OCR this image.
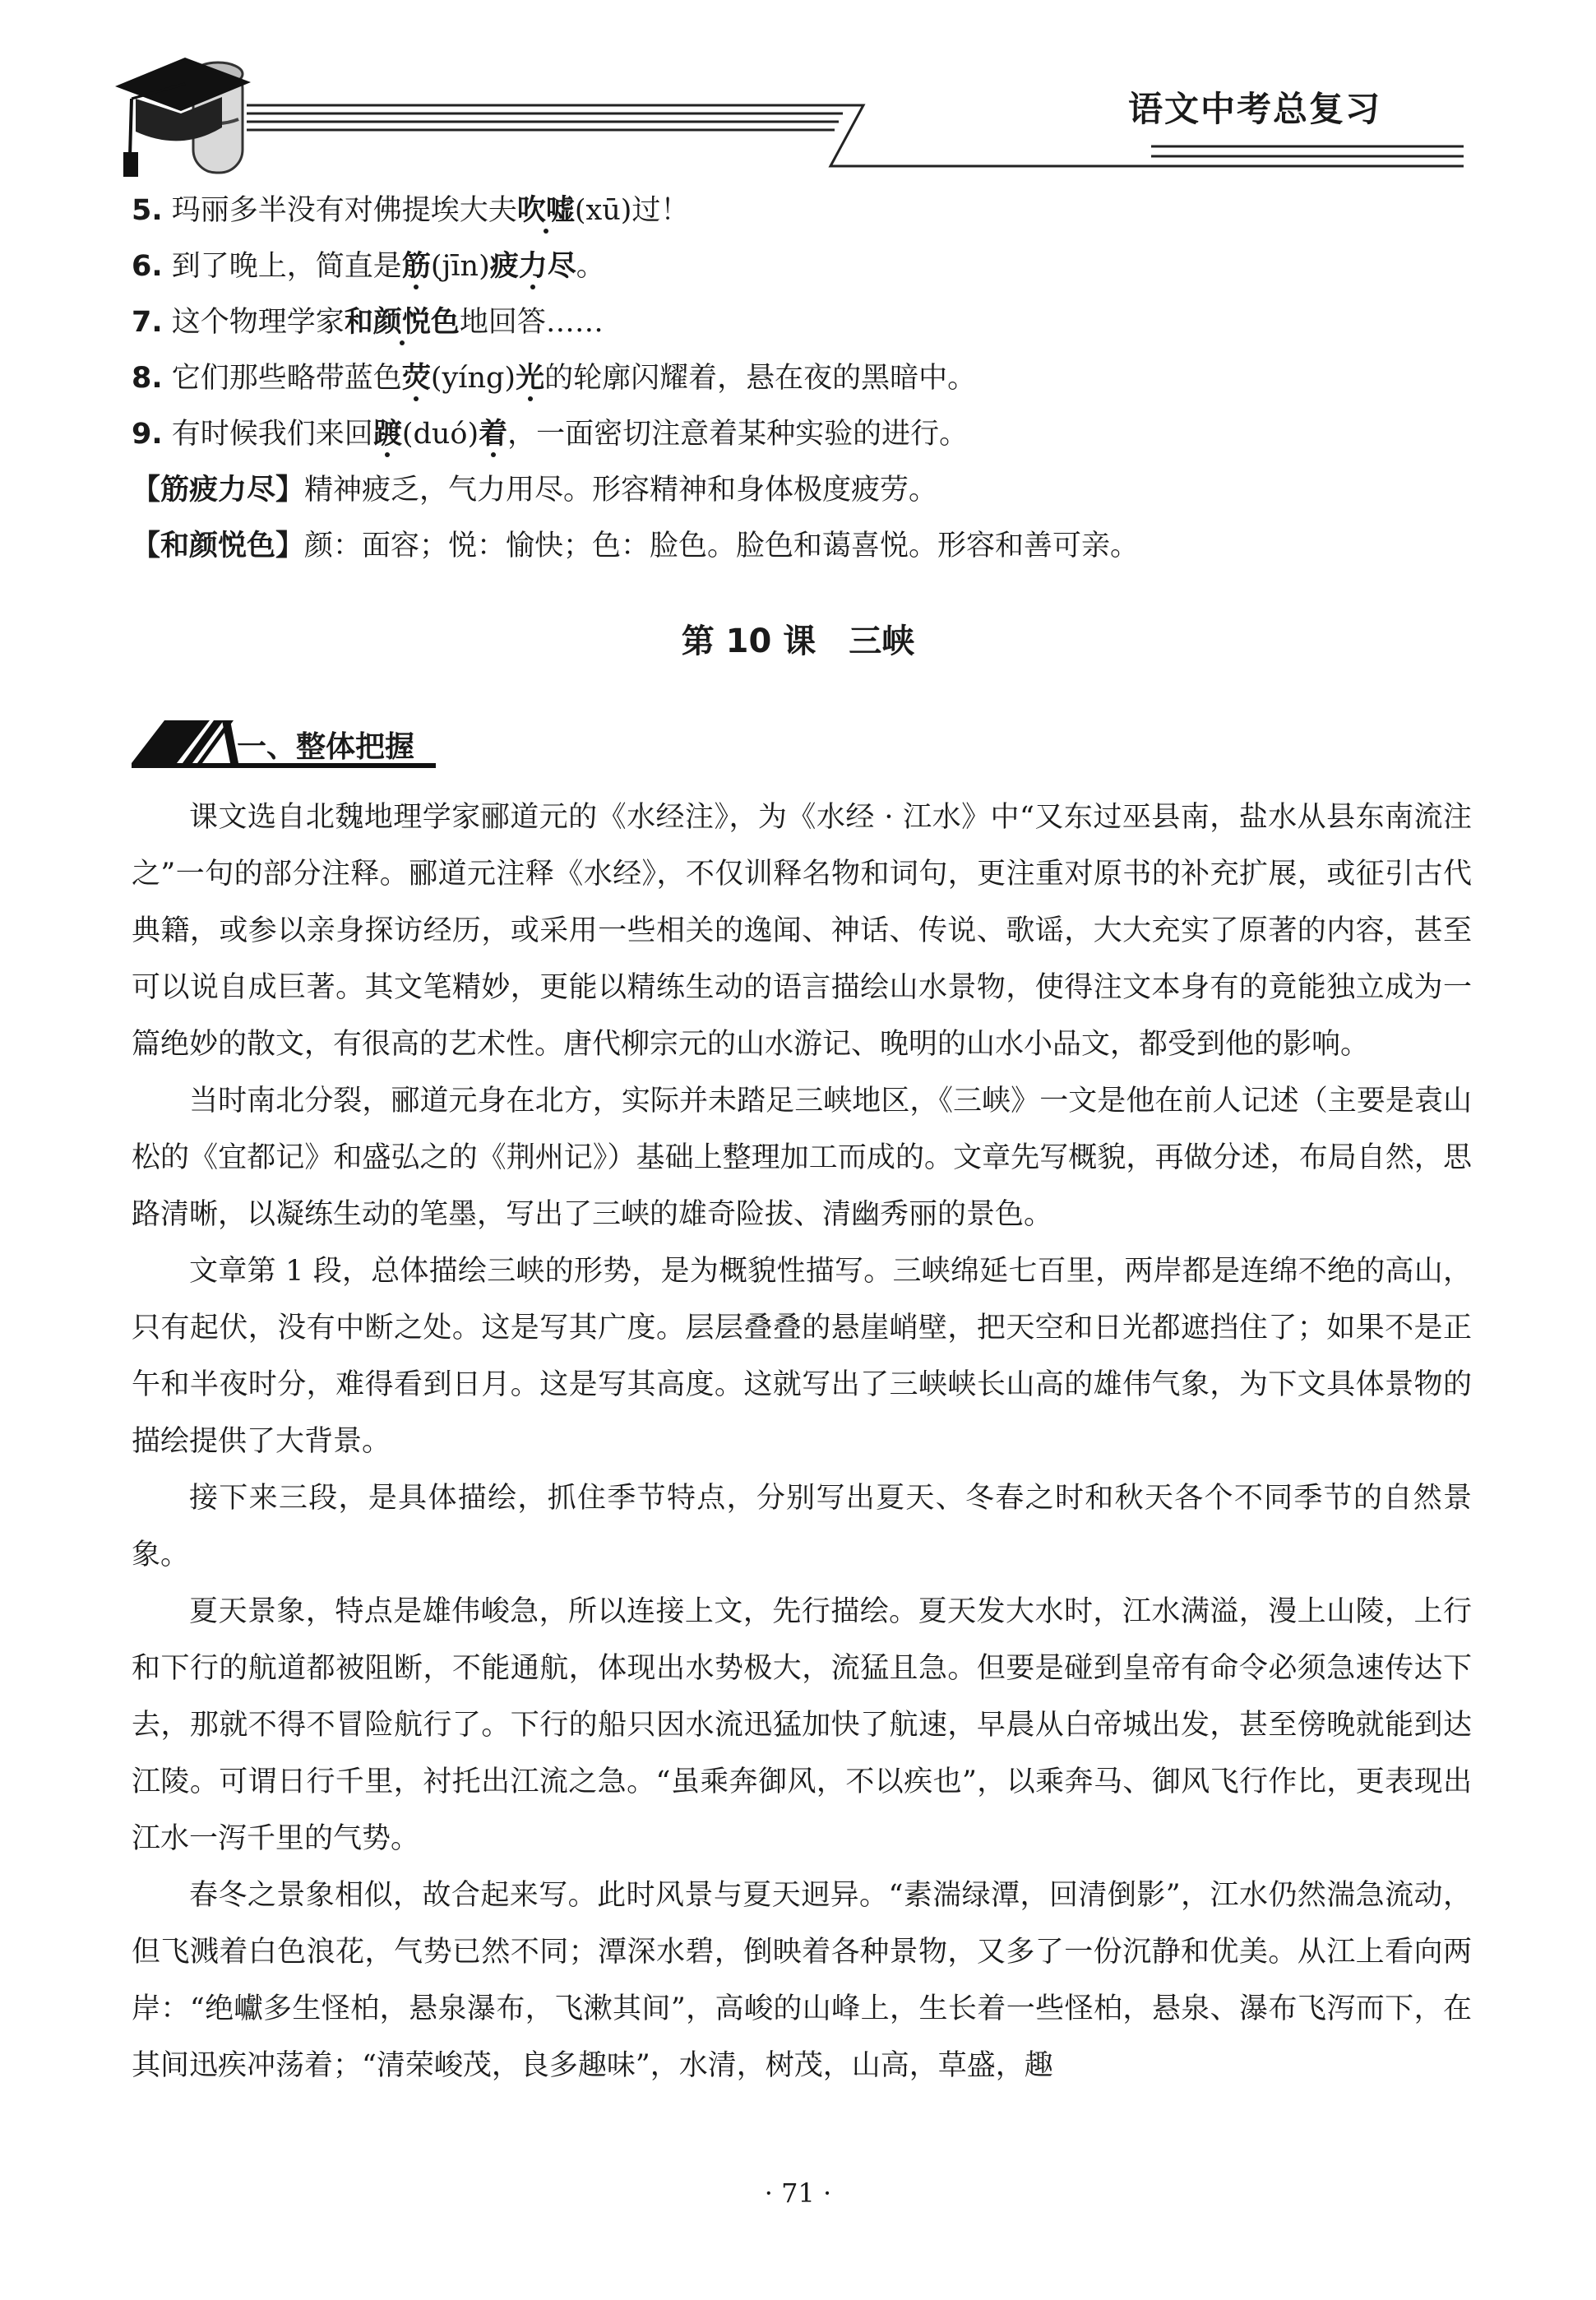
语文中考总复习
5. 玛丽多半没有对佛提埃大夫吹嘘(xū)过！
6. 到了晚上，简直是筋(jīn)疲力尽。
7. 这个物理学家和颜悦色地回答……
8. 它们那些略带蓝色荧(yíng)光的轮廓闪耀着，悬在夜的黑暗中。
9. 有时候我们来回踱(duó)着，一面密切注意着某种实验的进行。
【筋疲力尽】精神疲乏，气力用尽。形容精神和身体极度疲劳。
【和颜悦色】颜：面容；悦：愉快；色：脸色。脸色和蔼喜悦。形容和善可亲。
第 10 课　三峡
一、整体把握

课文选自北魏地理学家郦道元的《水经注》，为《水经 · 江水》中“又东过巫县南，盐水从县东南流注之”一句的部分注释。郦道元注释《水经》，不仅训释名物和词句，更注重对原书的补充扩展，或征引古代典籍，或参以亲身探访经历，或采用一些相关的逸闻、神话、传说、歌谣，大大充实了原著的内容，甚至可以说自成巨著。其文笔精妙，更能以精练生动的语言描绘山水景物，使得注文本身有的竟能独立成为一篇绝妙的散文，有很高的艺术性。唐代柳宗元的山水游记、晚明的山水小品文，都受到他的影响。

当时南北分裂，郦道元身在北方，实际并未踏足三峡地区，《三峡》一文是他在前人记述（主要是袁山松的《宜都记》和盛弘之的《荆州记》）基础上整理加工而成的。文章先写概貌，再做分述，布局自然，思路清晰，以凝练生动的笔墨，写出了三峡的雄奇险拔、清幽秀丽的景色。

文章第 1 段，总体描绘三峡的形势，是为概貌性描写。三峡绵延七百里，两岸都是连绵不绝的高山，只有起伏，没有中断之处。这是写其广度。层层叠叠的悬崖峭壁，把天空和日光都遮挡住了；如果不是正午和半夜时分，难得看到日月。这是写其高度。这就写出了三峡峡长山高的雄伟气象，为下文具体景物的描绘提供了大背景。

接下来三段，是具体描绘，抓住季节特点，分别写出夏天、冬春之时和秋天各个不同季节的自然景象。

夏天景象，特点是雄伟峻急，所以连接上文，先行描绘。夏天发大水时，江水满溢，漫上山陵，上行和下行的航道都被阻断，不能通航，体现出水势极大，流猛且急。但要是碰到皇帝有命令必须急速传达下去，那就不得不冒险航行了。下行的船只因水流迅猛加快了航速，早晨从白帝城出发，甚至傍晚就能到达江陵。可谓日行千里，衬托出江流之急。“虽乘奔御风，不以疾也”，以乘奔马、御风飞行作比，更表现出江水一泻千里的气势。

春冬之景象相似，故合起来写。此时风景与夏天迥异。“素湍绿潭，回清倒影”，江水仍然湍急流动，但飞溅着白色浪花，气势已然不同；潭深水碧，倒映着各种景物，又多了一份沉静和优美。从江上看向两岸：“绝巘多生怪柏，悬泉瀑布，飞漱其间”，高峻的山峰上，生长着一些怪柏，悬泉、瀑布飞泻而下，在其间迅疾冲荡着；“清荣峻茂，良多趣味”，水清，树茂，山高，草盛，趣

· 71 ·
